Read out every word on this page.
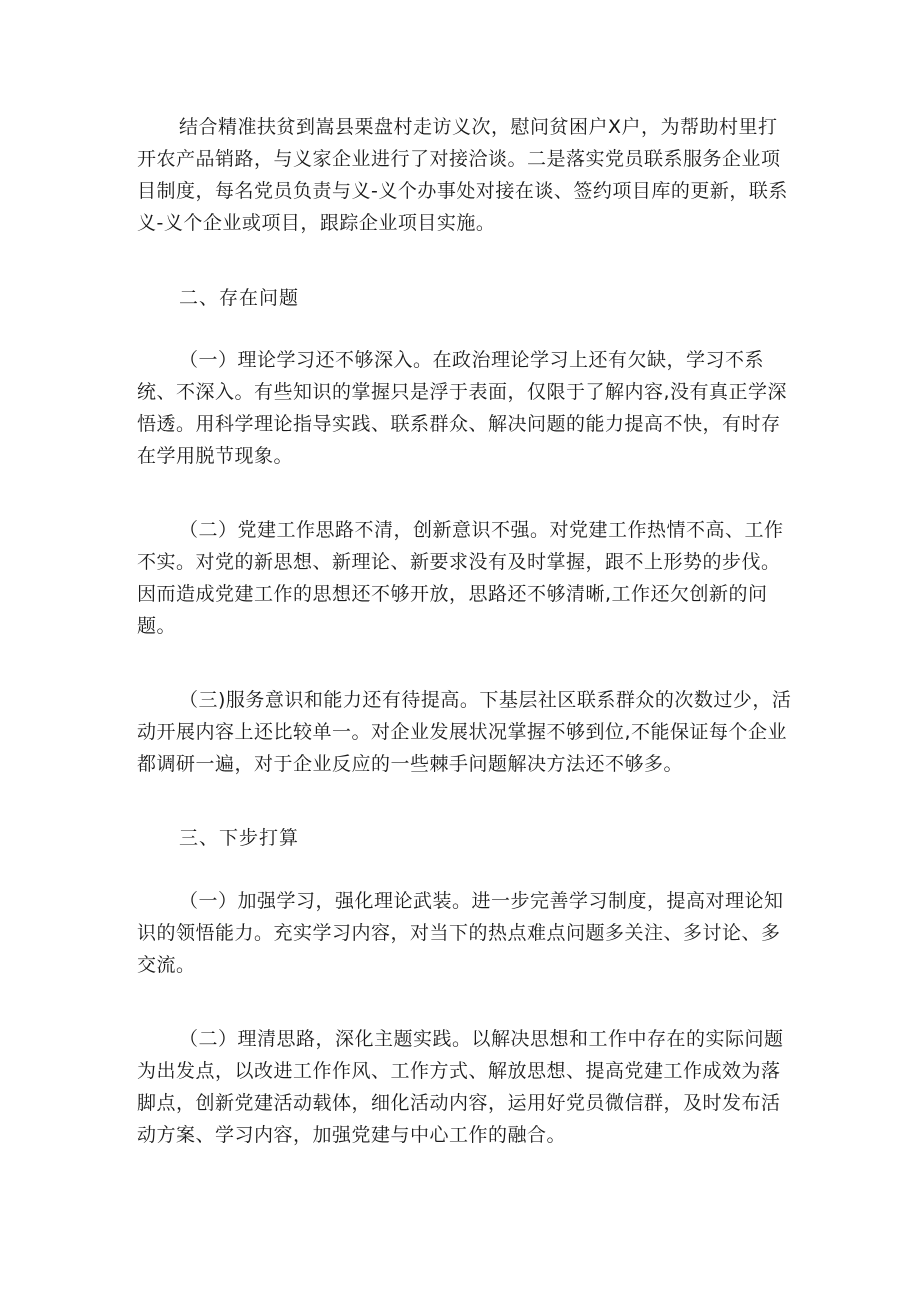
结合精准扶贫到嵩县栗盘村走访义次，慰问贫困户X户，为帮助村里打开农产品销路，与义家企业进行了对接洽谈。二是落实党员联系服务企业项目制度，每名党员负责与义-义个办事处对接在谈、签约项目库的更新，联系义-义个企业或项目，跟踪企业项目实施。

二、存在问题

（一）理论学习还不够深入。在政治理论学习上还有欠缺，学习不系统、不深入。有些知识的掌握只是浮于表面，仅限于了解内容,没有真正学深悟透。用科学理论指导实践、联系群众、解决问题的能力提高不快，有时存在学用脱节现象。

（二）党建工作思路不清，创新意识不强。对党建工作热情不高、工作不实。对党的新思想、新理论、新要求没有及时掌握，跟不上形势的步伐。因而造成党建工作的思想还不够开放，思路还不够清晰,工作还欠创新的问题。

（三)服务意识和能力还有待提高。下基层社区联系群众的次数过少，活动开展内容上还比较单一。对企业发展状况掌握不够到位,不能保证每个企业都调研一遍，对于企业反应的一些棘手问题解决方法还不够多。

三、下步打算

（一）加强学习，强化理论武装。进一步完善学习制度，提高对理论知识的领悟能力。充实学习内容，对当下的热点难点问题多关注、多讨论、多交流。

（二）理清思路，深化主题实践。以解决思想和工作中存在的实际问题为出发点，以改进工作作风、工作方式、解放思想、提高党建工作成效为落脚点，创新党建活动载体，细化活动内容，运用好党员微信群，及时发布活动方案、学习内容，加强党建与中心工作的融合。
